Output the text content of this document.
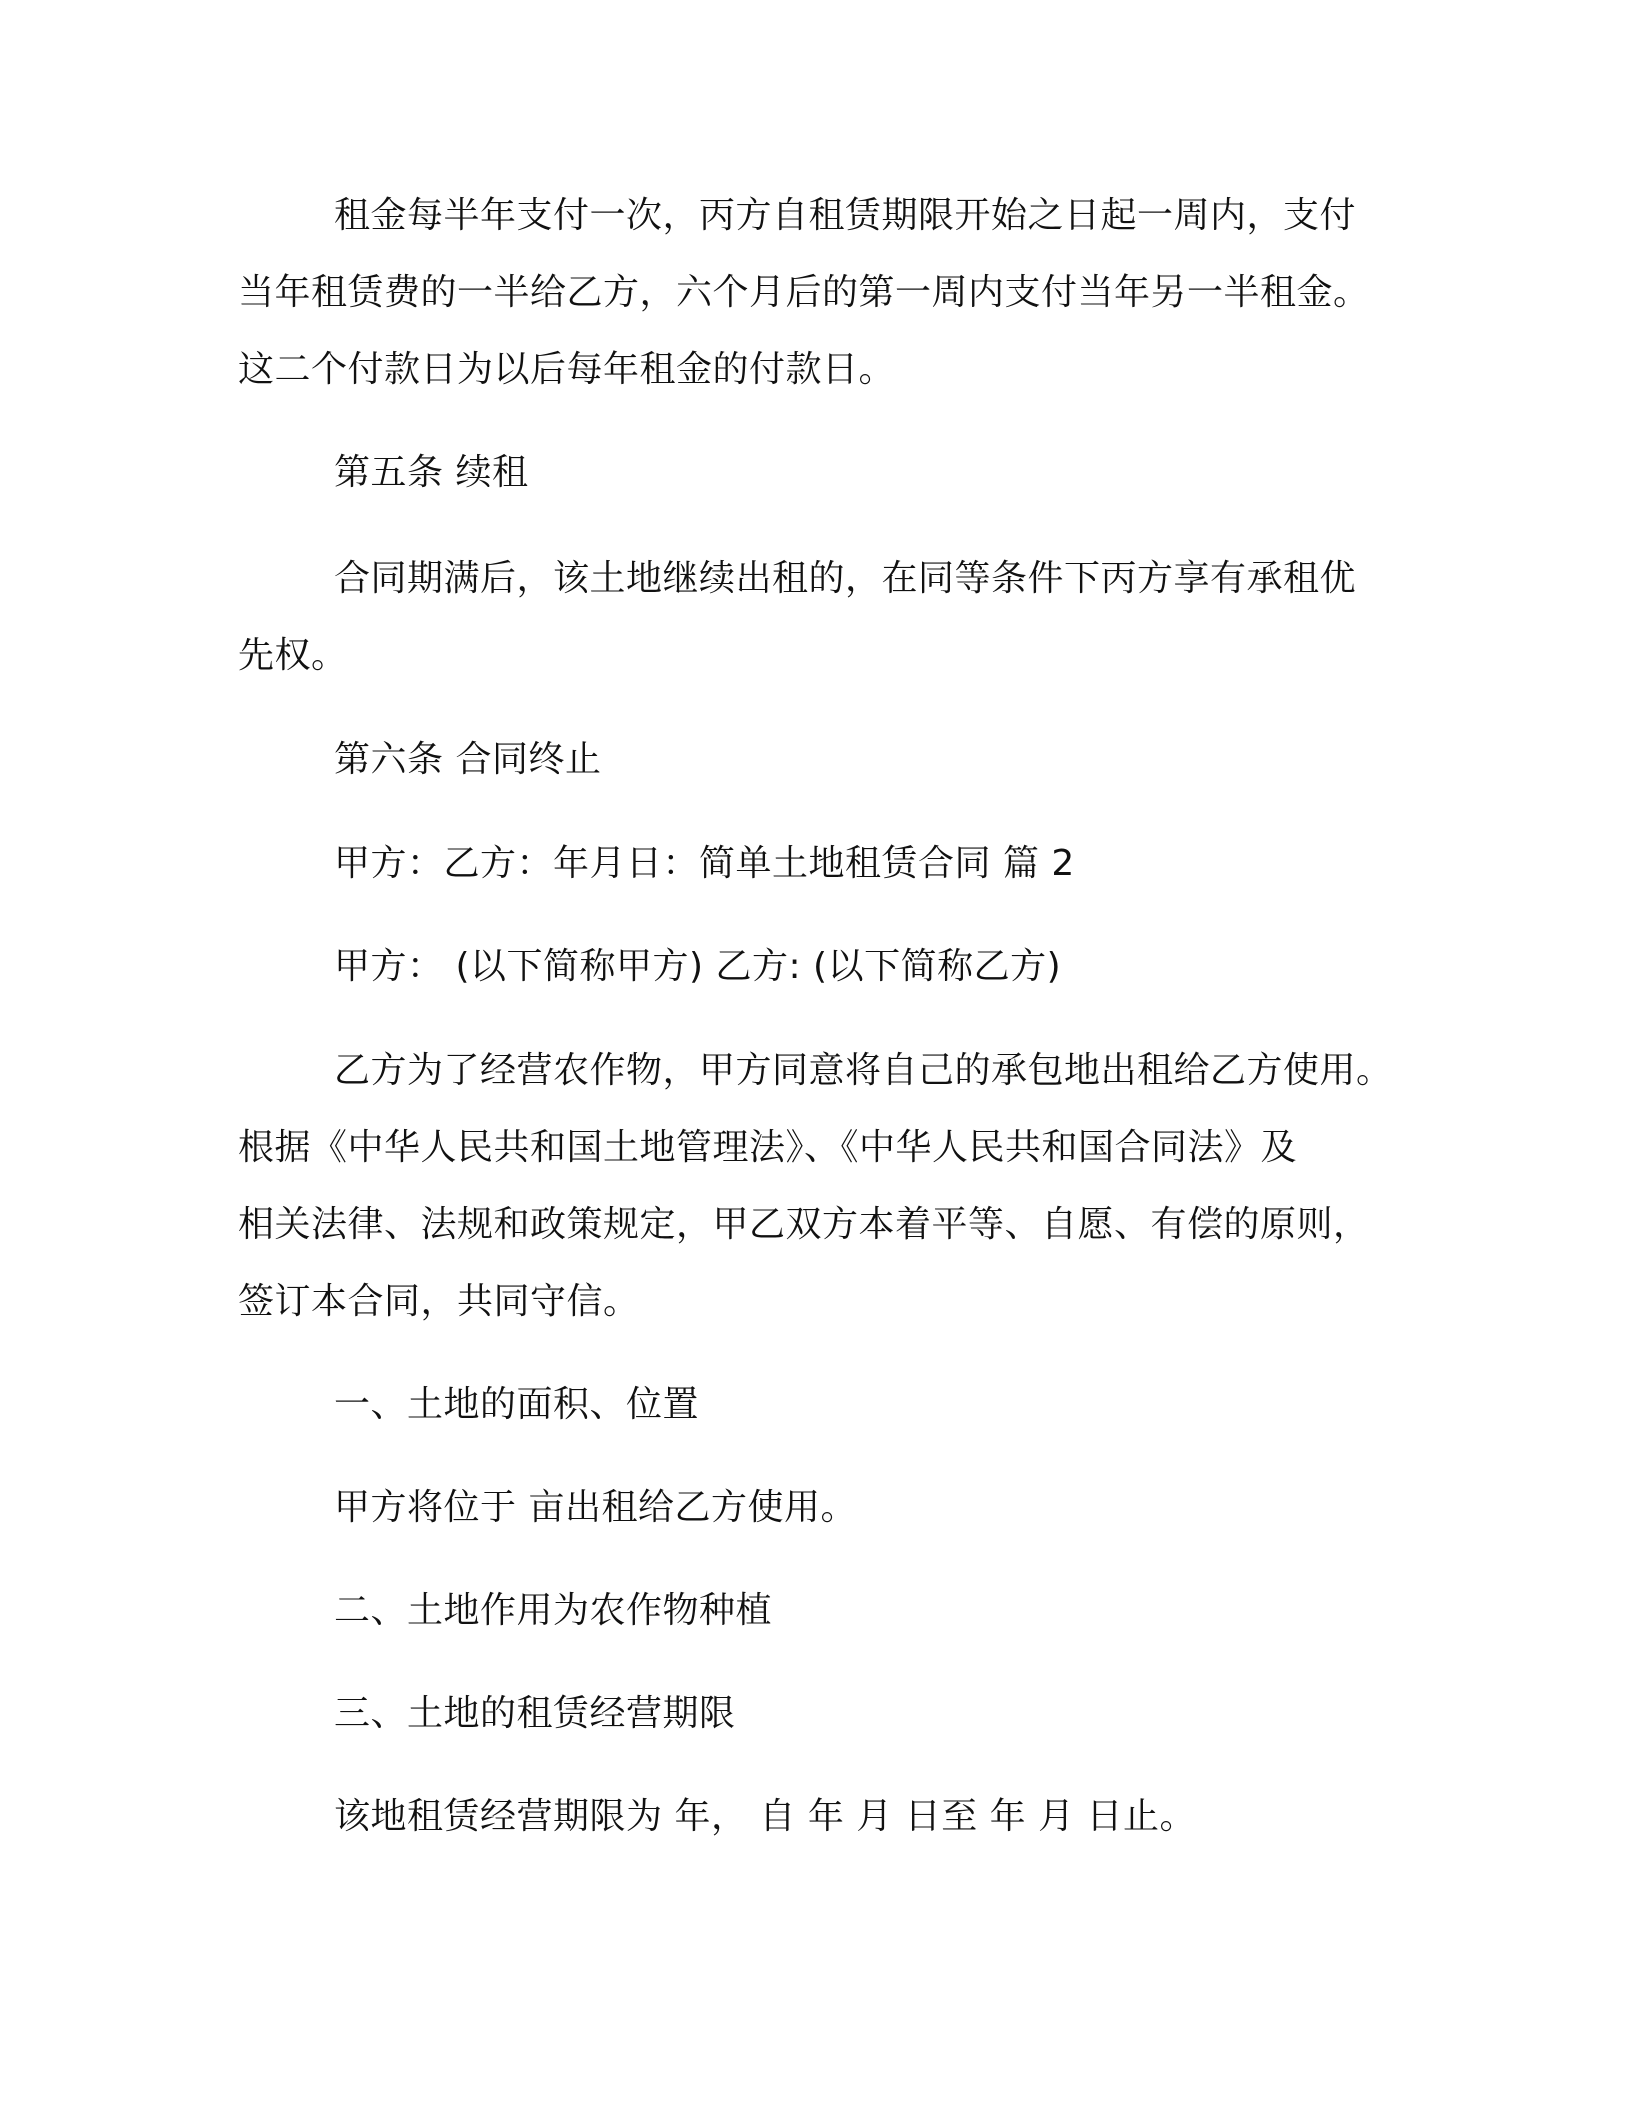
租金每半年支付一次，丙方自租赁期限开始之日起一周内，支付
当年租赁费的一半给乙方，六个月后的第一周内支付当年另一半租金。
这二个付款日为以后每年租金的付款日。
第五条 续租
合同期满后，该土地继续出租的，在同等条件下丙方享有承租优
先权。
第六条 合同终止
甲方：乙方：年月日：简单土地租赁合同 篇 2
甲方： (以下简称甲方) 乙方: (以下简称乙方)
乙方为了经营农作物，甲方同意将自己的承包地出租给乙方使用。
根据《中华人民共和国土地管理法》、《中华人民共和国合同法》及
相关法律、法规和政策规定，甲乙双方本着平等、自愿、有偿的原则，
签订本合同，共同守信。
一、土地的面积、位置
甲方将位于 亩出租给乙方使用。
二、土地作用为农作物种植
三、土地的租赁经营期限
该地租赁经营期限为 年， 自 年 月 日至 年 月 日止。
